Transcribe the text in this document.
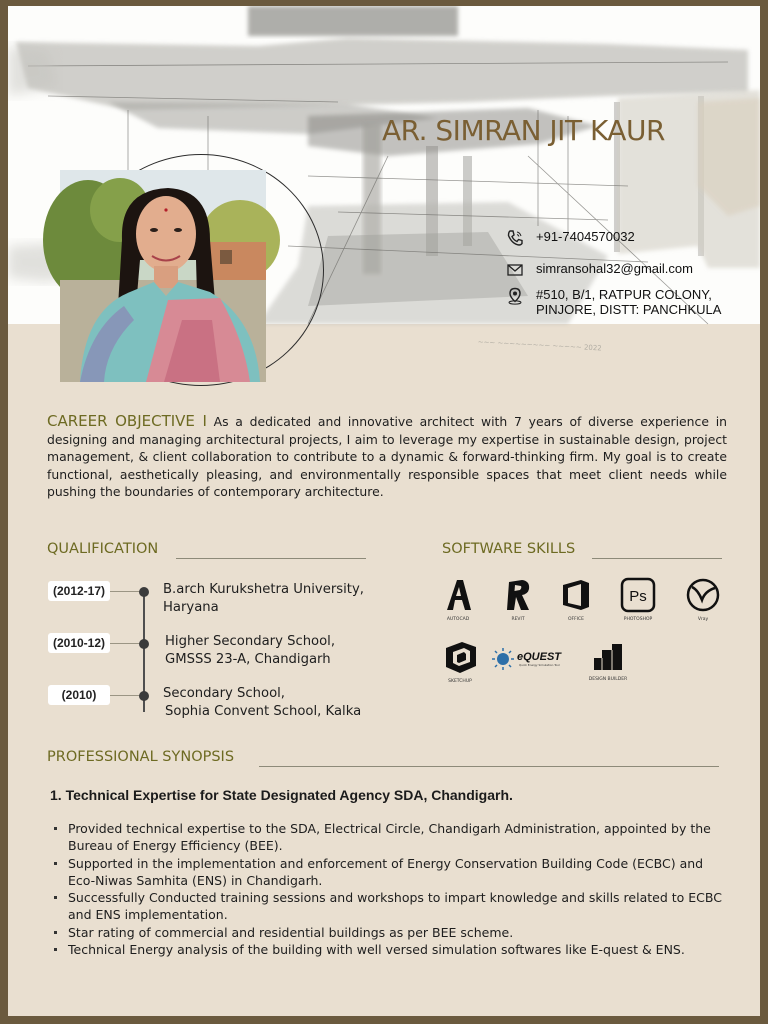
~~~ ~~~~~~~~~ ~~~~~ 2022
AR. SIMRAN JIT KAUR
+91-7404570032
simransohal32@gmail.com
#510, B/1, RATPUR COLONY,
PINJORE, DISTT: PANCHKULA
CAREER OBJECTIVE I As a dedicated and innovative architect with 7 years of diverse experience in designing and managing architectural projects, I aim to leverage my expertise in sustainable design, project management, & client collaboration to contribute to a dynamic & forward-thinking firm. My goal is to create functional, aesthetically pleasing, and environmentally responsible spaces that meet client needs while pushing the boundaries of contemporary architecture.
QUALIFICATION
(2012-17)	B.arch Kurukshetra University,
Haryana
(2010-12)	Higher Secondary School,
GMSSS 23-A, Chandigarh
(2010)	Secondary School,
Sophia Convent School, Kalka
SOFTWARE SKILLS
AUTOCAD	REVIT	OFFICE
Ps
PHOTOSHOP	Vray
SKETCHUP
eQUEST
Quick Energy Simulation Tool
DESIGN BUILDER
PROFESSIONAL SYNOPSIS
1. Technical Expertise for State Designated Agency SDA, Chandigarh.
Provided technical expertise to the SDA, Electrical Circle, Chandigarh Administration, appointed by the Bureau of Energy Efficiency (BEE).
Supported in the implementation and enforcement of Energy Conservation Building Code (ECBC) and Eco-Niwas Samhita (ENS) in Chandigarh.
Successfully Conducted training sessions and workshops to impart knowledge and skills related to ECBC and ENS implementation.
Star rating of commercial and residential buildings as per BEE scheme.
Technical Energy analysis of the building with well versed simulation softwares like E-quest & ENS.
